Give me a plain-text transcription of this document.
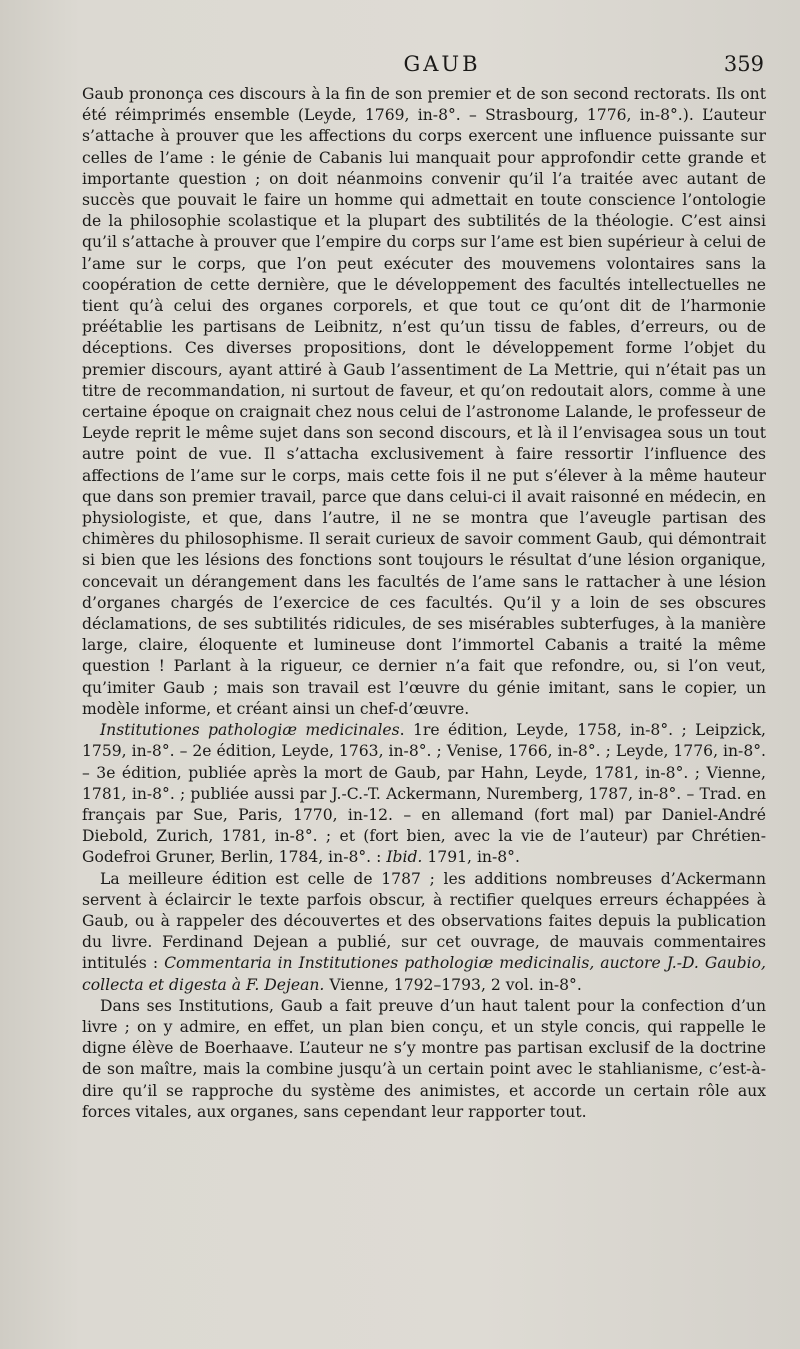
GAUB	359

Gaub prononça ces discours à la fin de son premier et de son second rectorats. Ils ont été réimprimés ensemble (Leyde, 1769, in-8°. – Strasbourg, 1776, in-8°.). L’auteur s’attache à prouver que les affections du corps exercent une influence puissante sur celles de l’ame : le génie de Cabanis lui manquait pour approfondir cette grande et importante question ; on doit néanmoins convenir qu’il l’a traitée avec autant de succès que pouvait le faire un homme qui admettait en toute conscience l’ontologie de la philosophie scolastique et la plupart des subtilités de la théologie. C’est ainsi qu’il s’attache à prouver que l’empire du corps sur l’ame est bien supérieur à celui de l’ame sur le corps, que l’on peut exécuter des mouvemens volontaires sans la coopération de cette dernière, que le développement des facultés intellectuelles ne tient qu’à celui des organes corporels, et que tout ce qu’ont dit de l’harmonie préétablie les partisans de Leibnitz, n’est qu’un tissu de fables, d’erreurs, ou de déceptions. Ces diverses propositions, dont le développement forme l’objet du premier discours, ayant attiré à Gaub l’assentiment de La Mettrie, qui n’était pas un titre de recommandation, ni surtout de faveur, et qu’on redoutait alors, comme à une certaine époque on craignait chez nous celui de l’astronome Lalande, le professeur de Leyde reprit le même sujet dans son second discours, et là il l’envisagea sous un tout autre point de vue. Il s’attacha exclusivement à faire ressortir l’influence des affections de l’ame sur le corps, mais cette fois il ne put s’élever à la même hauteur que dans son premier travail, parce que dans celui-ci il avait raisonné en médecin, en physiologiste, et que, dans l’autre, il ne se montra que l’aveugle partisan des chimères du philosophisme. Il serait curieux de savoir comment Gaub, qui démontrait si bien que les lésions des fonctions sont toujours le résultat d’une lésion organique, concevait un dérangement dans les facultés de l’ame sans le rattacher à une lésion d’organes chargés de l’exercice de ces facultés. Qu’il y a loin de ses obscures déclamations, de ses subtilités ridicules, de ses misérables subterfuges, à la manière large, claire, éloquente et lumineuse dont l’immortel Cabanis a traité la même question ! Parlant à la rigueur, ce dernier n’a fait que refondre, ou, si l’on veut, qu’imiter Gaub ; mais son travail est l’œuvre du génie imitant, sans le copier, un modèle informe, et créant ainsi un chef-d’œuvre.

Institutiones pathologiæ medicinales. 1re édition, Leyde, 1758, in-8°. ; Leipzick, 1759, in-8°. – 2e édition, Leyde, 1763, in-8°. ; Venise, 1766, in-8°. ; Leyde, 1776, in-8°. – 3e édition, publiée après la mort de Gaub, par Hahn, Leyde, 1781, in-8°. ; Vienne, 1781, in-8°. ; publiée aussi par J.-C.-T. Ackermann, Nuremberg, 1787, in-8°. – Trad. en français par Sue, Paris, 1770, in-12. – en allemand (fort mal) par Daniel-André Diebold, Zurich, 1781, in-8°. ; et (fort bien, avec la vie de l’auteur) par Chrétien-Godefroi Gruner, Berlin, 1784, in-8°. : Ibid. 1791, in-8°.

La meilleure édition est celle de 1787 ; les additions nombreuses d’Ackermann servent à éclaircir le texte parfois obscur, à rectifier quelques erreurs échappées à Gaub, ou à rappeler des découvertes et des observations faites depuis la publication du livre. Ferdinand Dejean a publié, sur cet ouvrage, de mauvais commentaires intitulés : Commentaria in Institutiones pathologiæ medicinalis, auctore J.-D. Gaubio, collecta et digesta à F. Dejean. Vienne, 1792–1793, 2 vol. in-8°.

Dans ses Institutions, Gaub a fait preuve d’un haut talent pour la confection d’un livre ; on y admire, en effet, un plan bien conçu, et un style concis, qui rappelle le digne élève de Boerhaave. L’auteur ne s’y montre pas partisan exclusif de la doctrine de son maître, mais la combine jusqu’à un certain point avec le stahlianisme, c’est-à-dire qu’il se rapproche du système des animistes, et accorde un certain rôle aux forces vitales, aux organes, sans cependant leur rapporter tout.
